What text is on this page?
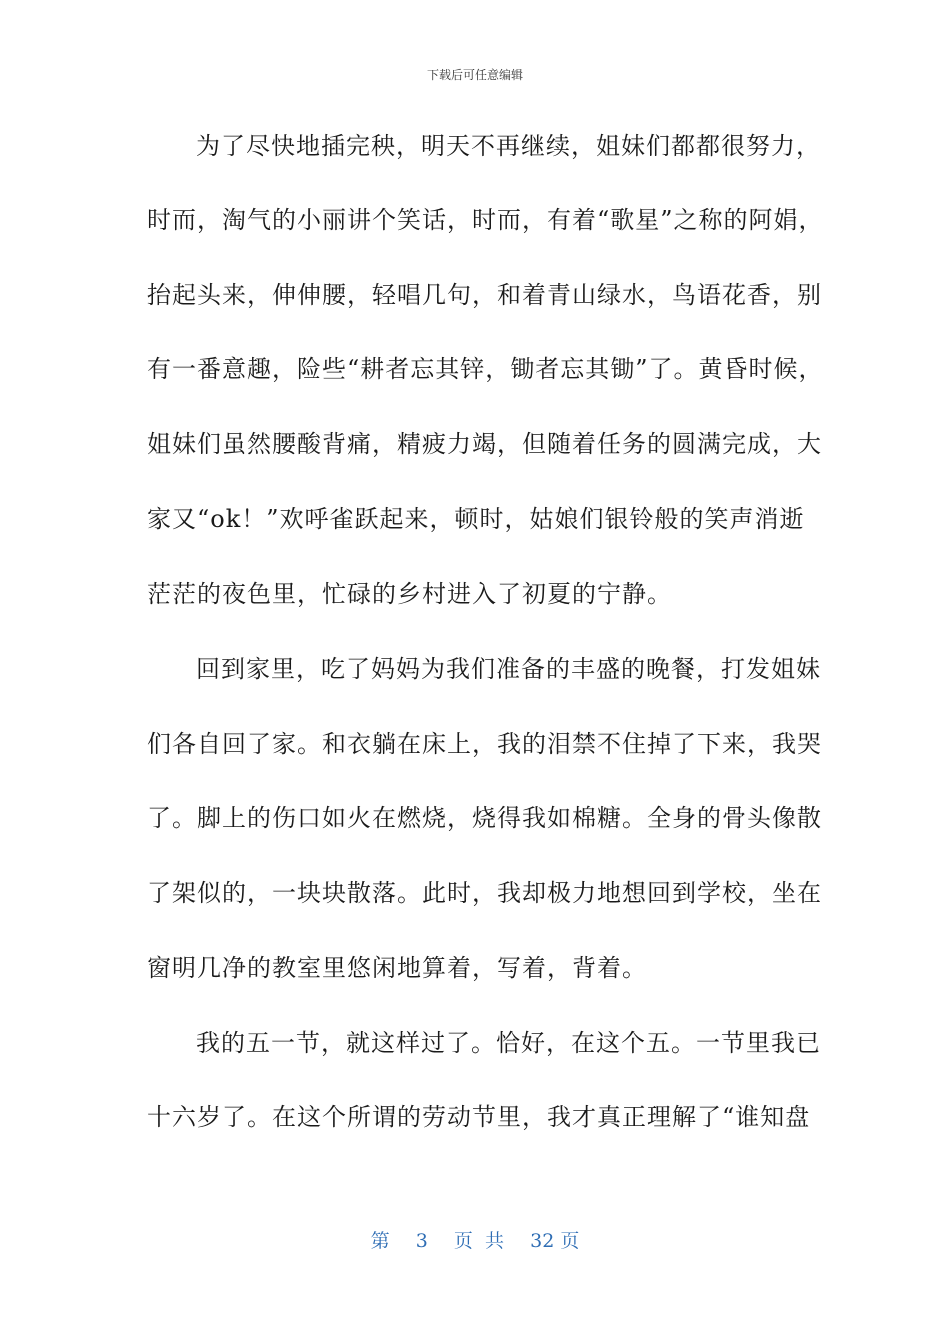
下载后可任意编辑
为了尽快地插完秧，明天不再继续，姐妹们都都很努力，
时而，淘气的小丽讲个笑话，时而，有着“歌星”之称的阿娟，
抬起头来，伸伸腰，轻唱几句，和着青山绿水，鸟语花香，别
有一番意趣，险些“耕者忘其锌，锄者忘其锄”了。黄昏时候，
姐妹们虽然腰酸背痛，精疲力竭，但随着任务的圆满完成，大
家又“ok！”欢呼雀跃起来，顿时，姑娘们银铃般的笑声消逝
茫茫的夜色里，忙碌的乡村进入了初夏的宁静。
回到家里，吃了妈妈为我们准备的丰盛的晚餐，打发姐妹
们各自回了家。和衣躺在床上，我的泪禁不住掉了下来，我哭
了。脚上的伤口如火在燃烧，烧得我如棉糖。全身的骨头像散
了架似的，一块块散落。此时，我却极力地想回到学校，坐在
窗明几净的教室里悠闲地算着，写着，背着。
我的五一节，就这样过了。恰好，在这个五。一节里我已
十六岁了。在这个所谓的劳动节里，我才真正理解了“谁知盘
第 3 页  共 32 页
